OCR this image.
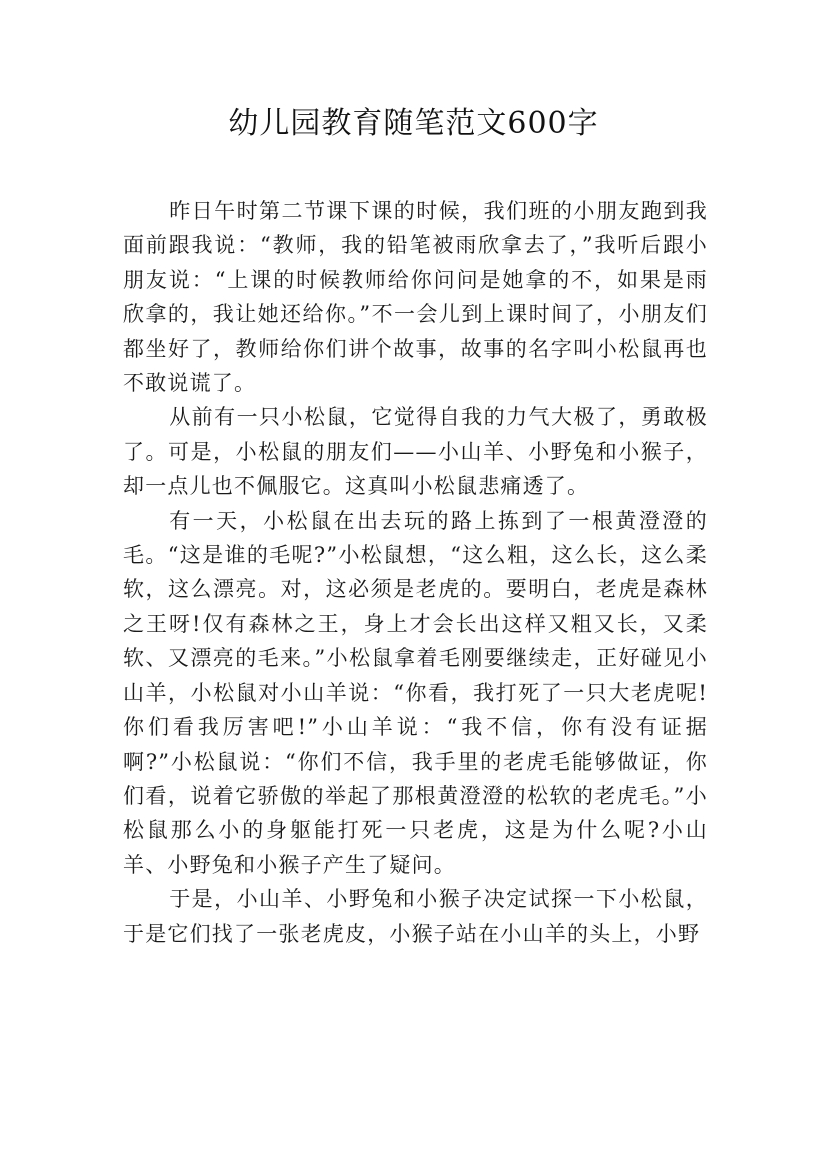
幼儿园教育随笔范文600字

昨日午时第二节课下课的时候，我们班的小朋友跑到我面前跟我说：“教师，我的铅笔被雨欣拿去了，”我听后跟小朋友说：“上课的时候教师给你问问是她拿的不，如果是雨欣拿的，我让她还给你。”不一会儿到上课时间了，小朋友们都坐好了，教师给你们讲个故事，故事的名字叫小松鼠再也不敢说谎了。

从前有一只小松鼠，它觉得自我的力气大极了，勇敢极了。可是，小松鼠的朋友们——小山羊、小野兔和小猴子，却一点儿也不佩服它。这真叫小松鼠悲痛透了。

有一天，小松鼠在出去玩的路上拣到了一根黄澄澄的毛。“这是谁的毛呢?”小松鼠想，“这么粗，这么长，这么柔软，这么漂亮。对，这必须是老虎的。要明白，老虎是森林之王呀!仅有森林之王，身上才会长出这样又粗又长，又柔软、又漂亮的毛来。”小松鼠拿着毛刚要继续走，正好碰见小山羊，小松鼠对小山羊说：“你看，我打死了一只大老虎呢!你们看我厉害吧!”小山羊说：“我不信，你有没有证据啊?”小松鼠说：“你们不信，我手里的老虎毛能够做证，你们看，说着它骄傲的举起了那根黄澄澄的松软的老虎毛。”小松鼠那么小的身躯能打死一只老虎，这是为什么呢?小山羊、小野兔和小猴子产生了疑问。

于是，小山羊、小野兔和小猴子决定试探一下小松鼠，于是它们找了一张老虎皮，小猴子站在小山羊的头上，小野
